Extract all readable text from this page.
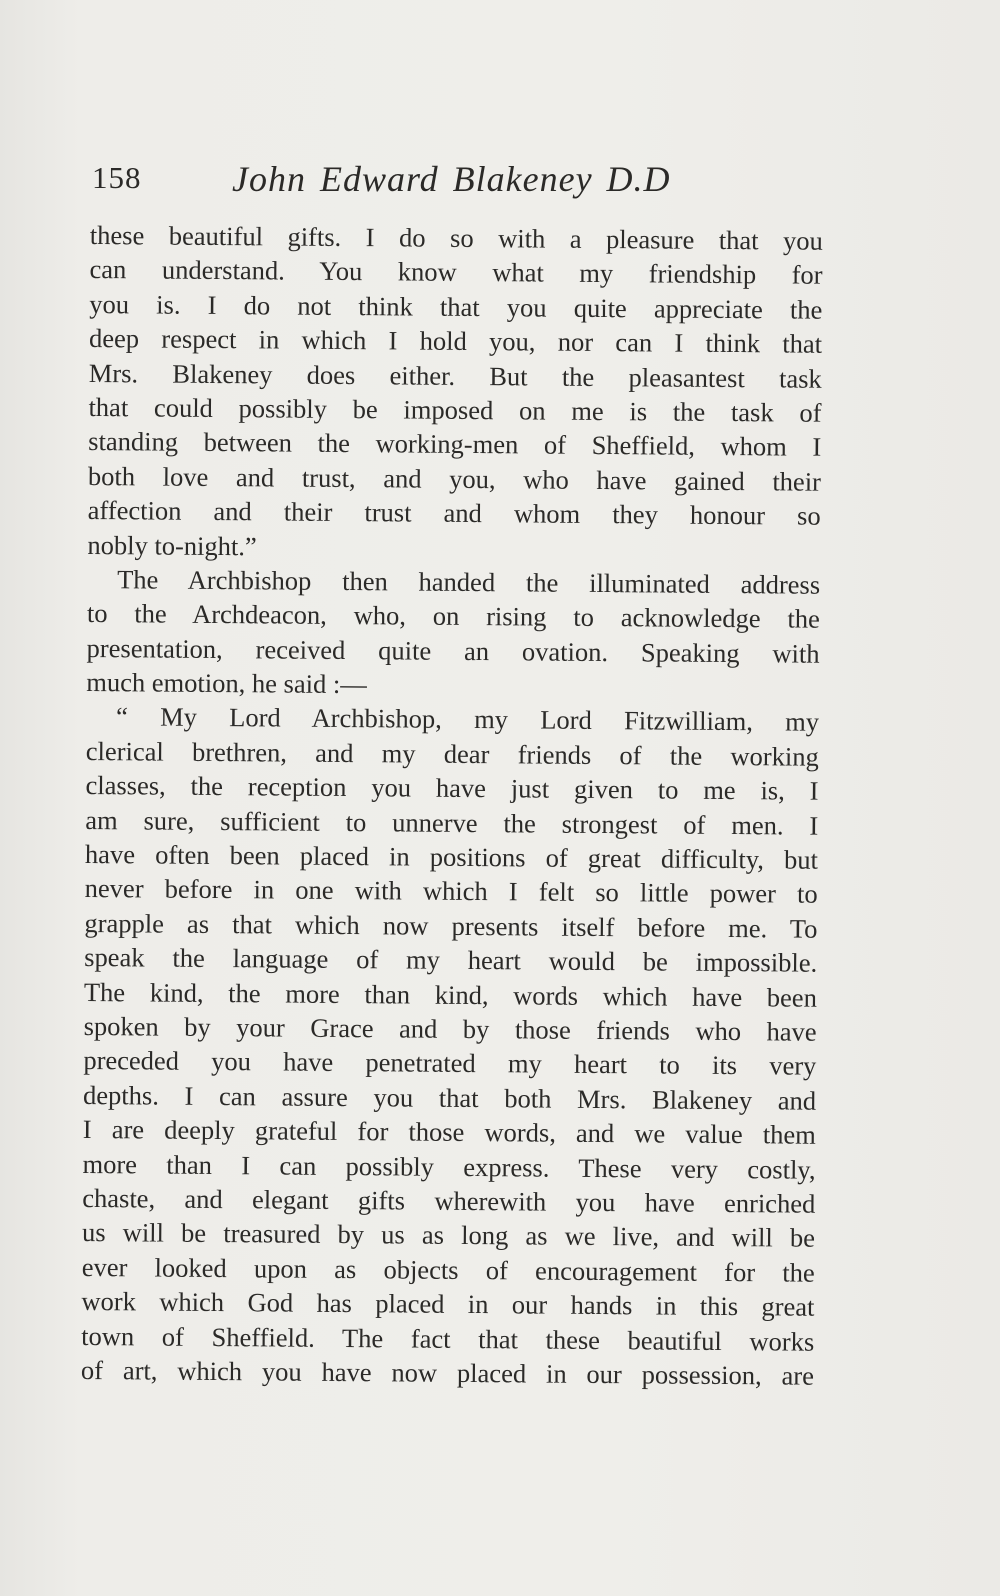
158	John Edward Blakeney D.D
these beautiful gifts. I do so with a pleasure that you
can understand. You know what my friendship for
you is. I do not think that you quite appreciate the
deep respect in which I hold you, nor can I think that
Mrs. Blakeney does either. But the pleasantest task
that could possibly be imposed on me is the task of
standing between the working-men of Sheffield, whom I
both love and trust, and you, who have gained their
affection and their trust and whom they honour so
nobly to-night.”
The Archbishop then handed the illuminated address
to the Archdeacon, who, on rising to acknowledge the
presentation, received quite an ovation. Speaking with
much emotion, he said :—
“ My Lord Archbishop, my Lord Fitzwilliam, my
clerical brethren, and my dear friends of the working
classes, the reception you have just given to me is, I
am sure, sufficient to unnerve the strongest of men. I
have often been placed in positions of great difficulty, but
never before in one with which I felt so little power to
grapple as that which now presents itself before me. To
speak the language of my heart would be impossible.
The kind, the more than kind, words which have been
spoken by your Grace and by those friends who have
preceded you have penetrated my heart to its very
depths. I can assure you that both Mrs. Blakeney and
I are deeply grateful for those words, and we value them
more than I can possibly express. These very costly,
chaste, and elegant gifts wherewith you have enriched
us will be treasured by us as long as we live, and will be
ever looked upon as objects of encouragement for the
work which God has placed in our hands in this great
town of Sheffield. The fact that these beautiful works
of art, which you have now placed in our possession, are
